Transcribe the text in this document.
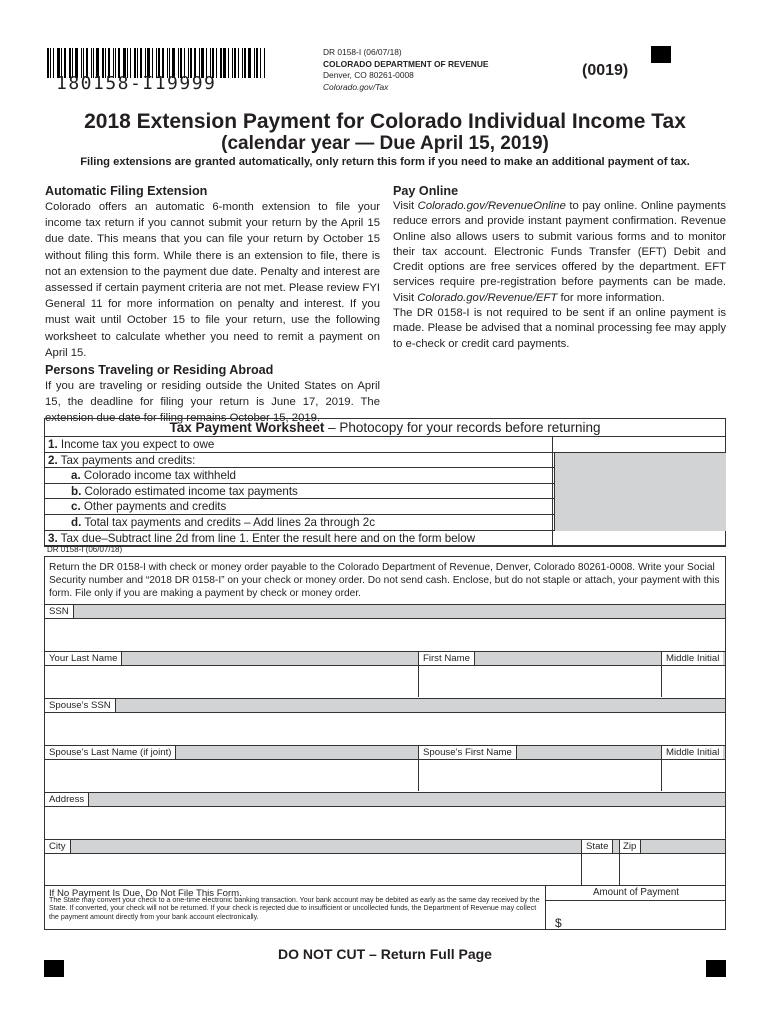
180158-I19999
DR 0158-I (06/07/18)
COLORADO DEPARTMENT OF REVENUE
Denver, CO 80261-0008
Colorado.gov/Tax
(0019)
2018 Extension Payment for Colorado Individual Income Tax
(calendar year — Due April 15, 2019)
Filing extensions are granted automatically, only return this form if you need to make an additional payment of tax.
Automatic Filing Extension
Colorado offers an automatic 6-month extension to file your income tax return if you cannot submit your return by the April 15 due date. This means that you can file your return by October 15 without filing this form. While there is an extension to file, there is not an extension to the payment due date. Penalty and interest are assessed if certain payment criteria are not met. Please review FYI General 11 for more information on penalty and interest. If you must wait until October 15 to file your return, use the following worksheet to calculate whether you need to remit a payment on April 15.
Persons Traveling or Residing Abroad
If you are traveling or residing outside the United States on April 15, the deadline for filing your return is June 17, 2019. The extension due date for filing remains October 15, 2019.
Pay Online
Visit Colorado.gov/RevenueOnline to pay online. Online payments reduce errors and provide instant payment confirmation. Revenue Online also allows users to submit various forms and to monitor their tax account. Electronic Funds Transfer (EFT) Debit and Credit options are free services offered by the department. EFT services require pre-registration before payments can be made. Visit Colorado.gov/Revenue/EFT for more information.
The DR 0158-I is not required to be sent if an online payment is made. Please be advised that a nominal processing fee may apply to e-check or credit card payments.
Tax Payment Worksheet – Photocopy for your records before returning
1. Income tax you expect to owe
2. Tax payments and credits:
a. Colorado income tax withheld
b. Colorado estimated income tax payments
c. Other payments and credits
d. Total tax payments and credits – Add lines 2a through 2c
3. Tax due–Subtract line 2d from line 1. Enter the result here and on the form below
DR 0158-I (06/07/18)
Return the DR 0158-I with check or money order payable to the Colorado Department of Revenue, Denver, Colorado 80261-0008. Write your Social Security number and “2018 DR 0158-I” on your check or money order. Do not send cash. Enclose, but do not staple or attach, your payment with this form. File only if you are making a payment by check or money order.
SSN
Your Last Name	First Name	Middle Initial
Spouse’s SSN
Spouse’s Last Name (if joint)	Spouse’s First Name	Middle Initial
Address
City	State	Zip
If No Payment Is Due, Do Not File This Form.
The State may convert your check to a one-time electronic banking transaction. Your bank account may be debited as early as the same day received by the State. If converted, your check will not be returned. If your check is rejected due to insufficient or uncollected funds, the Department of Revenue may collect the payment amount directly from your bank account electronically.
Amount of Payment
$
DO NOT CUT – Return Full Page
